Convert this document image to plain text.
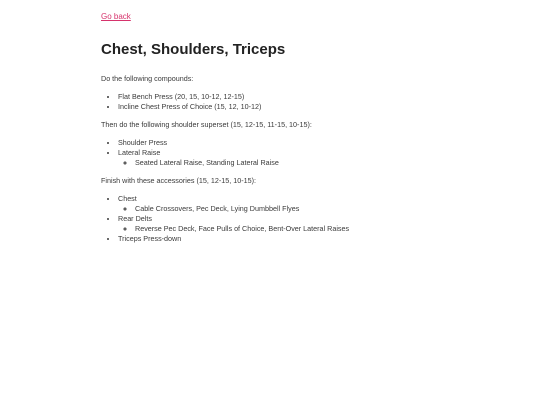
Go back
Chest, Shoulders, Triceps

Do the following compounds:

• Flat Bench Press (20, 15, 10-12, 12-15)
• Incline Chest Press of Choice (15, 12, 10-12)

Then do the following shoulder superset (15, 12-15, 11-15, 10-15):

• Shoulder Press
• Lateral Raise
◦ Seated Lateral Raise, Standing Lateral Raise

Finish with these accessories (15, 12-15, 10-15):

• Chest
◦ Cable Crossovers, Pec Deck, Lying Dumbbell Flyes
• Rear Delts
◦ Reverse Pec Deck, Face Pulls of Choice, Bent-Over Lateral Raises
• Triceps Press-down
